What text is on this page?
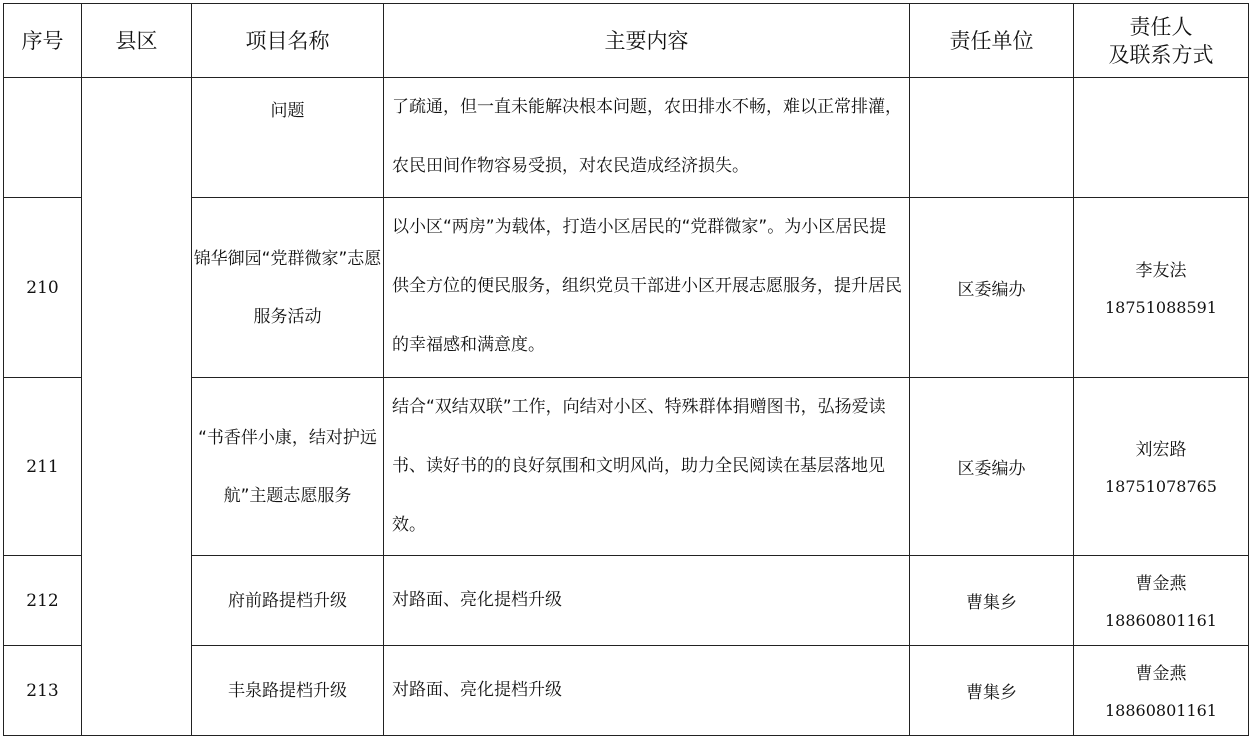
序号	县区	项目名称	主要内容	责任单位	责任人
及联系方式

		问题	了疏通，但一直未能解决根本问题，农田排水不畅，难以正常排灌，农民田间作物容易受损，对农民造成经济损失。		
210		锦华御园“党群微家”志愿服务活动	以小区“两房”为载体，打造小区居民的“党群微家”。为小区居民提供全方位的便民服务，组织党员干部进小区开展志愿服务，提升居民的幸福感和满意度。	区委编办	李友法
18751088591

211		“书香伴小康，结对护远航”主题志愿服务	结合“双结双联”工作，向结对小区、特殊群体捐赠图书，弘扬爱读书、读好书的的良好氛围和文明风尚，助力全民阅读在基层落地见效。	区委编办	刘宏路
18751078765

212		府前路提档升级	对路面、亮化提档升级	曹集乡	曹金燕
18860801161

213		丰泉路提档升级	对路面、亮化提档升级	曹集乡	曹金燕
18860801161
